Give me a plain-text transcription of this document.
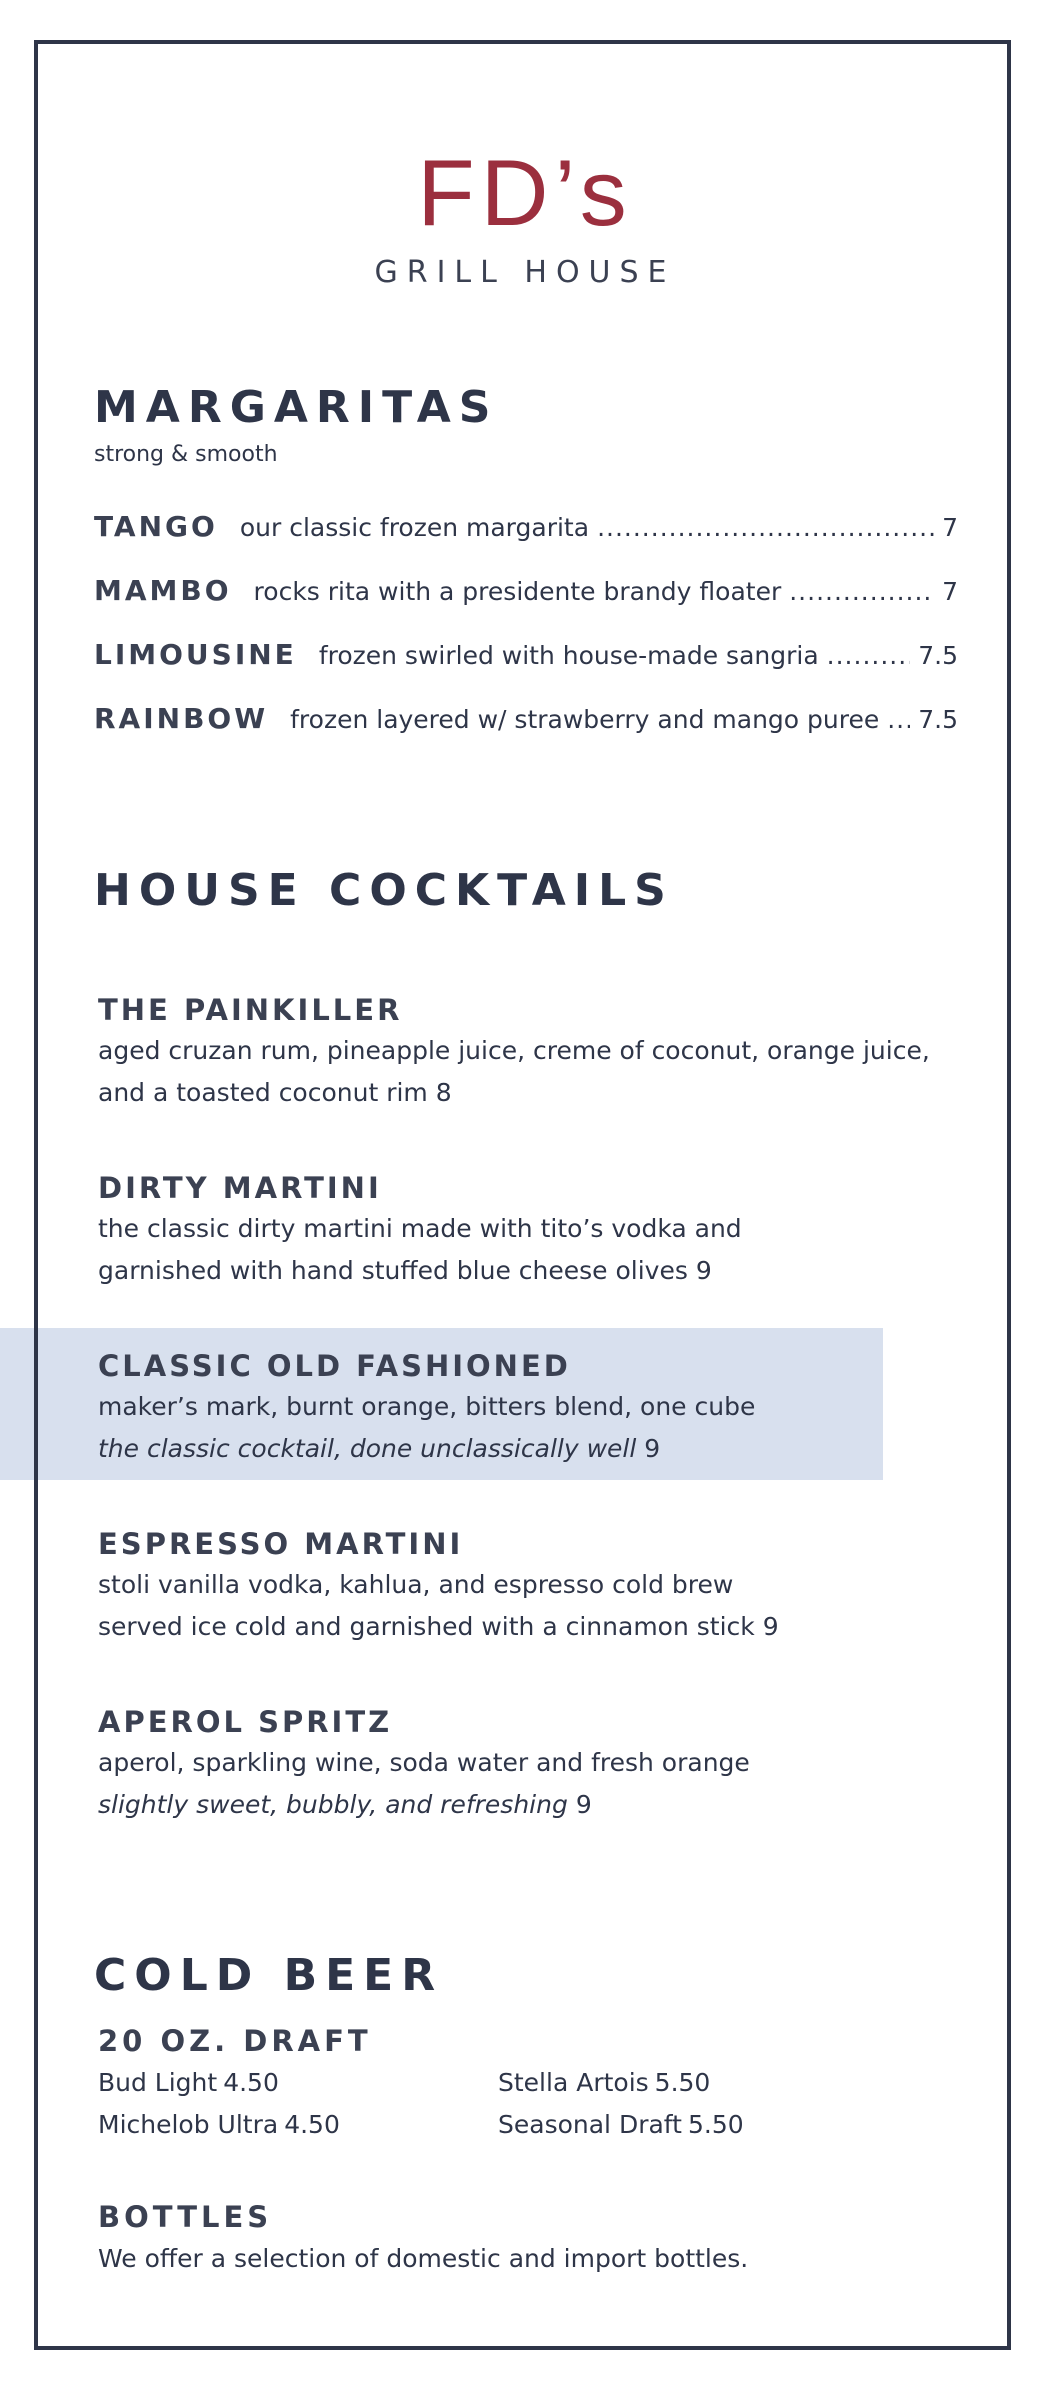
FD’s
GRILL HOUSE
MARGARITAS
strong & smooth
TANGO our classic frozen margarita .....	7
MAMBO rocks rita with a presidente brandy floater .....	7
LIMOUSINE frozen swirled with house-made sangria .....	7.5
RAINBOW frozen layered w/ strawberry and mango puree ..... 7.5
HOUSE COCKTAILS
THE PAINKILLER
aged cruzan rum, pineapple juice, creme of coconut, orange juice,
and a toasted coconut rim 8
DIRTY MARTINI
the classic dirty martini made with tito’s vodka and
garnished with hand stuffed blue cheese olives 9
CLASSIC OLD FASHIONED
maker’s mark, burnt orange, bitters blend, one cube
the classic cocktail, done unclassically well 9
ESPRESSO MARTINI
stoli vanilla vodka, kahlua, and espresso cold brew
served ice cold and garnished with a cinnamon stick 9
APEROL SPRITZ
aperol, sparkling wine, soda water and fresh orange
slightly sweet, bubbly, and refreshing 9
COLD BEER
20 OZ. DRAFT
Bud Light 4.50	Stella Artois 5.50
Michelob Ultra 4.50	Seasonal Draft 5.50
BOTTLES
We offer a selection of domestic and import bottles.
